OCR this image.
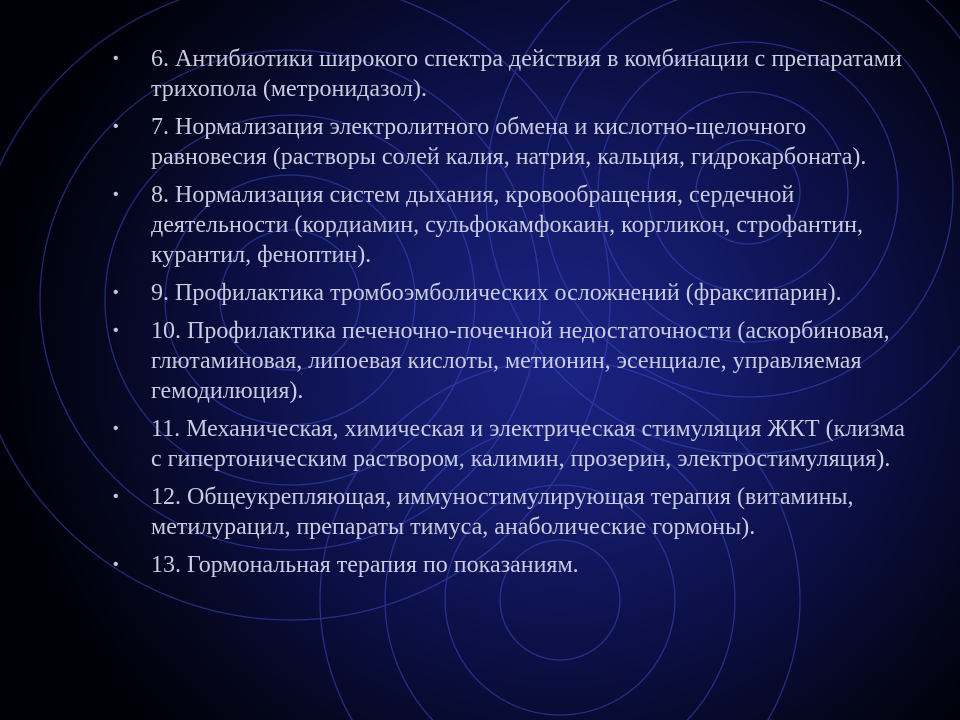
•	6. Антибиотики широкого спектра действия в комбинации с препаратами трихопола (метронидазол).
•	7. Нормализация электролитного обмена и кислотно-щелочного равновесия (растворы солей калия, натрия, кальция, гидрокарбоната).
•	8. Нормализация систем дыхания, кровообращения, сердечной деятельности (кордиамин, сульфокамфокаин, коргликон, строфантин, курантил, феноптин).
•	9. Профилактика тромбоэмболических осложнений (фраксипарин).
•	10. Профилактика печеночно-почечной недостаточности (аскорбиновая, глютаминовая, липоевая кислоты, метионин, эсенциале, управляемая гемодилюция).
•	11. Механическая, химическая и электрическая стимуляция ЖКТ (клизма с гипертоническим раствором, калимин, прозерин, электростимуляция).
•	12. Общеукрепляющая, иммуностимулирующая терапия (витамины, метилурацил, препараты тимуса, анаболические гормоны).
•	13. Гормональная терапия по показаниям.
